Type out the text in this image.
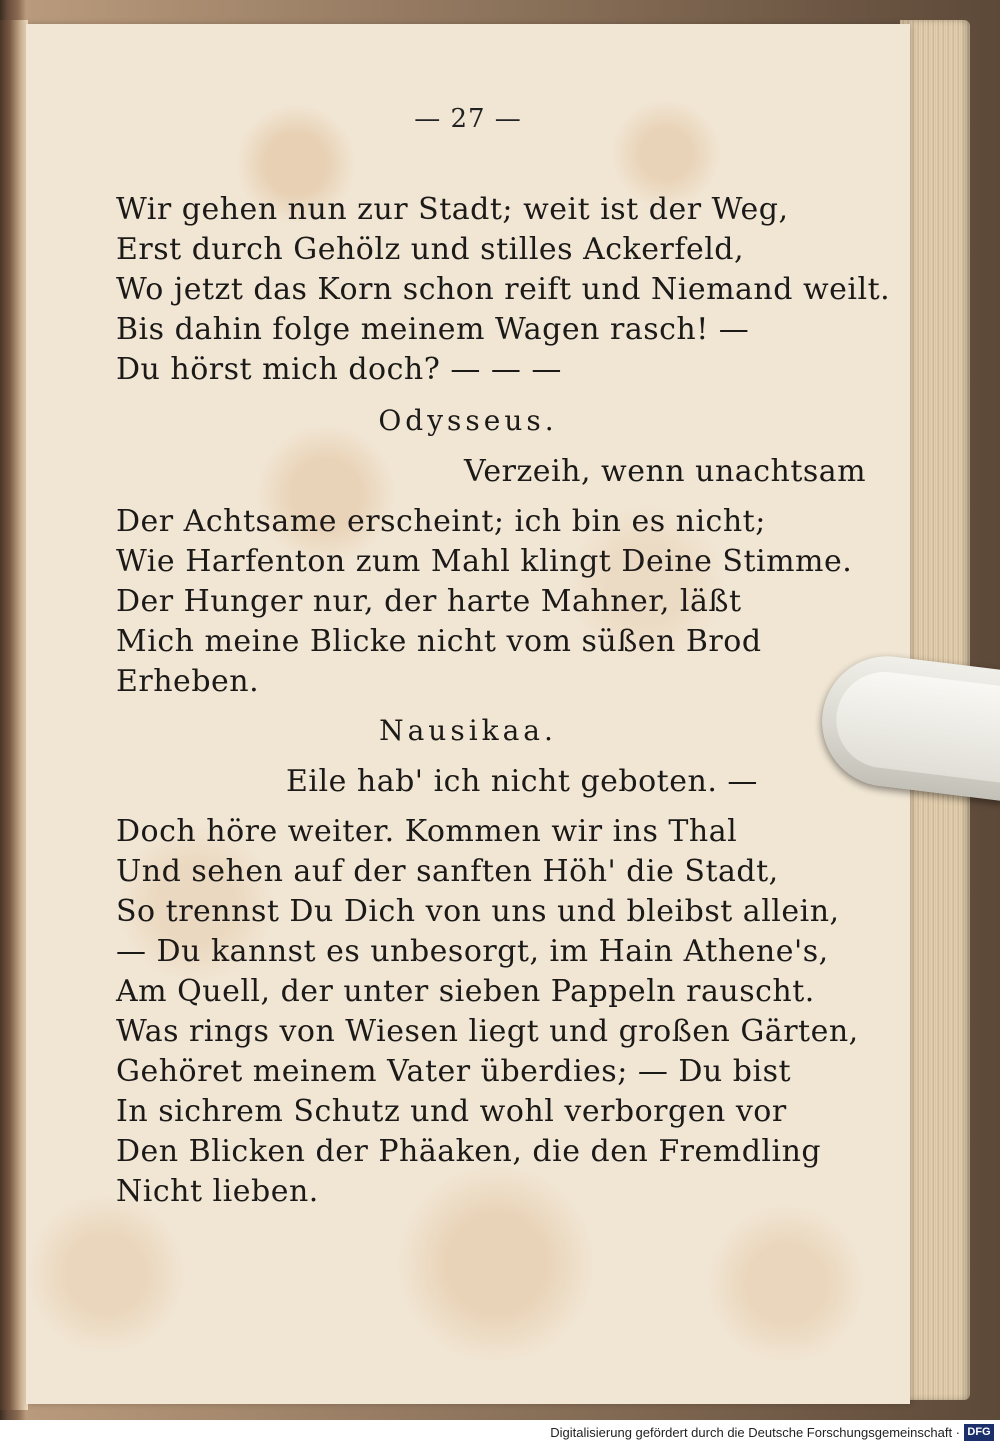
— 27 —
Wir gehen nun zur Stadt; weit ist der Weg,
Erst durch Gehölz und stilles Ackerfeld,
Wo jetzt das Korn schon reift und Niemand weilt.
Bis dahin folge meinem Wagen rasch! —
Du hörst mich doch? — — —
Odysseus.
Verzeih, wenn unachtsam
Der Achtsame erscheint; ich bin es nicht;
Wie Harfenton zum Mahl klingt Deine Stimme.
Der Hunger nur, der harte Mahner, läßt
Mich meine Blicke nicht vom süßen Brod
Erheben.
Nausikaa.
Eile hab' ich nicht geboten. —
Doch höre weiter. Kommen wir ins Thal
Und sehen auf der sanften Höh' die Stadt,
So trennst Du Dich von uns und bleibst allein,
— Du kannst es unbesorgt, im Hain Athene's,
Am Quell, der unter sieben Pappeln rauscht.
Was rings von Wiesen liegt und großen Gärten,
Gehöret meinem Vater überdies; — Du bist
In sichrem Schutz und wohl verborgen vor
Den Blicken der Phäaken, die den Fremdling
Nicht lieben.
Digitalisierung gefördert durch die Deutsche Forschungsgemeinschaft · DFG
